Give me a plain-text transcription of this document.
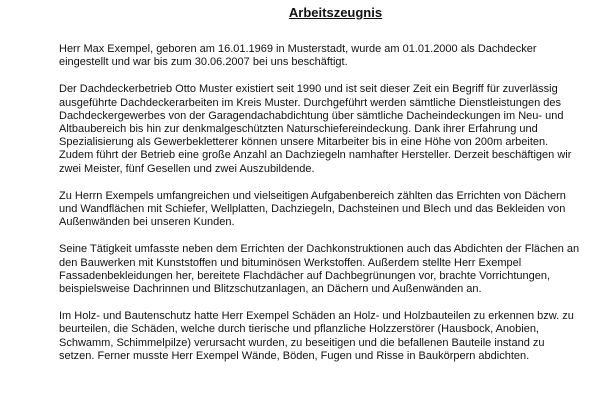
Arbeitszeugnis

Herr Max Exempel, geboren am 16.01.1969 in Musterstadt, wurde am 01.01.2000 als Dachdecker eingestellt und war bis zum 30.06.2007 bei uns beschäftigt.

Der Dachdeckerbetrieb Otto Muster existiert seit 1990 und ist seit dieser Zeit ein Begriff für zuverlässig ausgeführte Dachdeckerarbeiten im Kreis Muster. Durchgeführt werden sämtliche Dienstleistungen des Dachdeckergewerbes von der Garagendachabdichtung über sämtliche Dacheindeckungen im Neu- und Altbaubereich bis hin zur denkmalgeschützten Naturschiefereindeckung. Dank ihrer Erfahrung und Spezialisierung als Gewerbekletterer können unsere Mitarbeiter bis in eine Höhe von 200m arbeiten. Zudem führt der Betrieb eine große Anzahl an Dachziegeln namhafter Hersteller. Derzeit beschäftigen wir zwei Meister, fünf Gesellen und zwei Auszubildende.

Zu Herrn Exempels umfangreichen und vielseitigen Aufgabenbereich zählten das Errichten von Dächern und Wandflächen mit Schiefer, Wellplatten, Dachziegeln, Dachsteinen und Blech und das Bekleiden von Außenwänden bei unseren Kunden.

Seine Tätigkeit umfasste neben dem Errichten der Dachkonstruktionen auch das Abdichten der Flächen an den Bauwerken mit Kunststoffen und bituminösen Werkstoffen. Außerdem stellte Herr Exempel Fassadenbekleidungen her, bereitete Flachdächer auf Dachbegrünungen vor, brachte Vorrichtungen, beispielsweise Dachrinnen und Blitzschutzanlagen, an Dächern und Außenwänden an.

Im Holz- und Bautenschutz hatte Herr Exempel Schäden an Holz- und Holzbauteilen zu erkennen bzw. zu beurteilen, die Schäden, welche durch tierische und pflanzliche Holzzerstörer (Hausbock, Anobien, Schwamm, Schimmelpilze) verursacht wurden, zu beseitigen und die befallenen Bauteile instand zu setzen. Ferner musste Herr Exempel Wände, Böden, Fugen und Risse in Baukörpern abdichten.
